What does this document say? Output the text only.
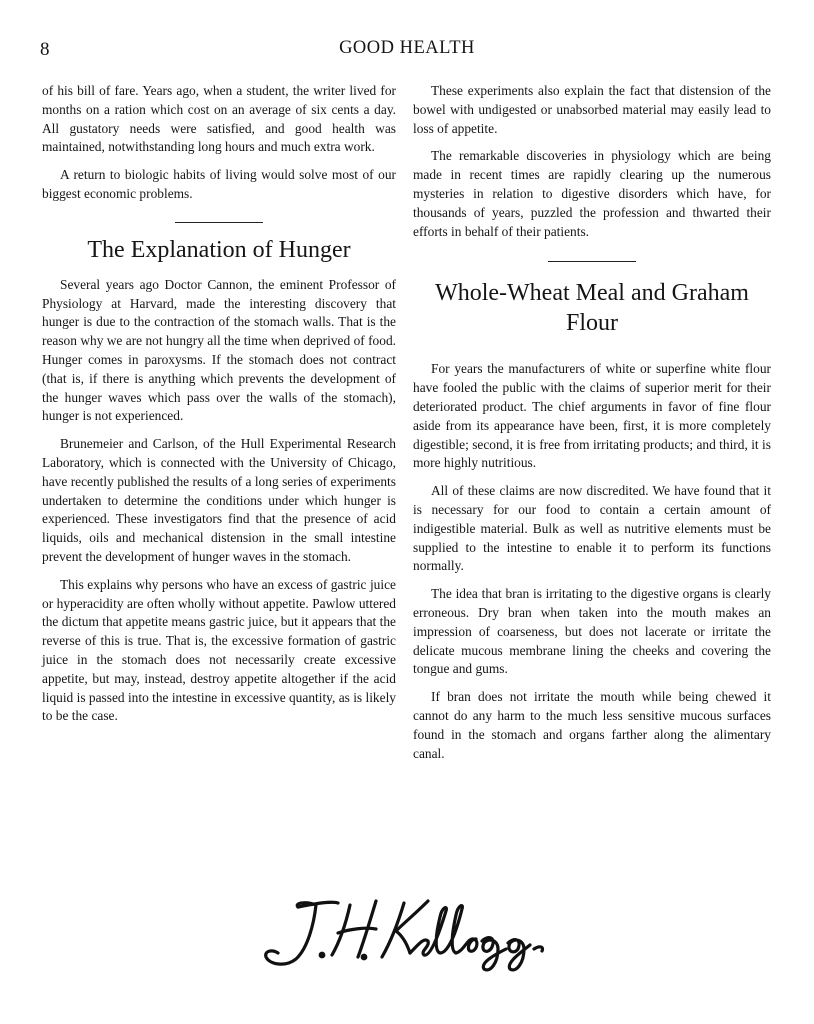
8	GOOD HEALTH

of his bill of fare. Years ago, when a student, the writer lived for months on a ration which cost on an average of six cents a day. All gustatory needs were satisfied, and good health was maintained, notwithstanding long hours and much extra work.

A return to biologic habits of living would solve most of our biggest economic problems.

The Explanation of Hunger

Several years ago Doctor Cannon, the eminent Professor of Physiology at Harvard, made the interesting discovery that hunger is due to the contraction of the stomach walls. That is the reason why we are not hungry all the time when deprived of food. Hunger comes in paroxysms. If the stomach does not contract (that is, if there is anything which prevents the development of the hunger waves which pass over the walls of the stomach), hunger is not experienced.

Brunemeier and Carlson, of the Hull Experimental Research Laboratory, which is connected with the University of Chicago, have recently published the results of a long series of experiments undertaken to determine the conditions under which hunger is experienced. These investigators find that the presence of acid liquids, oils and mechanical distension in the small intestine prevent the development of hunger waves in the stomach.

This explains why persons who have an excess of gastric juice or hyperacidity are often wholly without appetite. Pawlow uttered the dictum that appetite means gastric juice, but it appears that the reverse of this is true. That is, the excessive formation of gastric juice in the stomach does not necessarily create excessive appetite, but may, instead, destroy appetite altogether if the acid liquid is passed into the intestine in excessive quantity, as is likely to be the case.

These experiments also explain the fact that distension of the bowel with undigested or unabsorbed material may easily lead to loss of appetite.

The remarkable discoveries in physiology which are being made in recent times are rapidly clearing up the numerous mysteries in relation to digestive disorders which have, for thousands of years, puzzled the profession and thwarted their efforts in behalf of their patients.

Whole-Wheat Meal and Graham Flour

For years the manufacturers of white or superfine white flour have fooled the public with the claims of superior merit for their deteriorated product. The chief arguments in favor of fine flour aside from its appearance have been, first, it is more completely digestible; second, it is free from irritating products; and third, it is more highly nutritious.

All of these claims are now discredited. We have found that it is necessary for our food to contain a certain amount of indigestible material. Bulk as well as nutritive elements must be supplied to the intestine to enable it to perform its functions normally.

The idea that bran is irritating to the digestive organs is clearly erroneous. Dry bran when taken into the mouth makes an impression of coarseness, but does not lacerate or irritate the delicate mucous membrane lining the cheeks and covering the tongue and gums.

If bran does not irritate the mouth while being chewed it cannot do any harm to the much less sensitive mucous surfaces found in the stomach and organs farther along the alimentary canal.
